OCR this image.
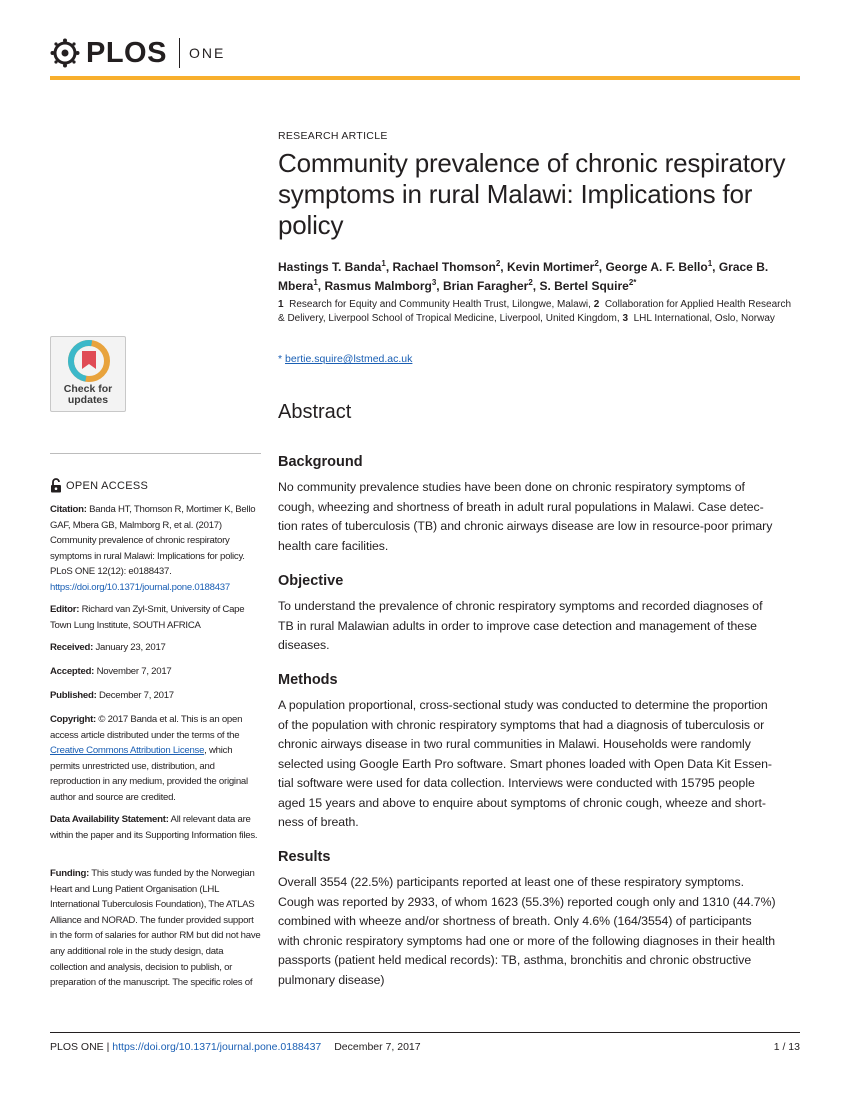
PLOS ONE
Check for updates
OPEN ACCESS
Citation: Banda HT, Thomson R, Mortimer K, Bello GAF, Mbera GB, Malmborg R, et al. (2017) Community prevalence of chronic respiratory symptoms in rural Malawi: Implications for policy. PLoS ONE 12(12): e0188437. https://doi.org/10.1371/journal.pone.0188437
Editor: Richard van Zyl-Smit, University of Cape Town Lung Institute, SOUTH AFRICA
Received: January 23, 2017
Accepted: November 7, 2017
Published: December 7, 2017
Copyright: © 2017 Banda et al. This is an open access article distributed under the terms of the Creative Commons Attribution License, which permits unrestricted use, distribution, and reproduction in any medium, provided the original author and source are credited.
Data Availability Statement: All relevant data are within the paper and its Supporting Information files.
Funding: This study was funded by the Norwegian Heart and Lung Patient Organisation (LHL International Tuberculosis Foundation), The ATLAS Alliance and NORAD. The funder provided support in the form of salaries for author RM but did not have any additional role in the study design, data collection and analysis, decision to publish, or preparation of the manuscript. The specific roles of
RESEARCH ARTICLE
Community prevalence of chronic respiratory symptoms in rural Malawi: Implications for policy
Hastings T. Banda$^1$, Rachael Thomson$^2$, Kevin Mortimer$^2$, George A. F. Bello$^1$, Grace B. Mbera$^1$, Rasmus Malmborg$^3$, Brian Faragher$^2$, S. Bertel Squire$^{2*}$
1 Research for Equity and Community Health Trust, Lilongwe, Malawi, 2 Collaboration for Applied Health Research & Delivery, Liverpool School of Tropical Medicine, Liverpool, United Kingdom, 3 LHL International, Oslo, Norway
* bertie.squire@lstmed.ac.uk
Abstract
Background
No community prevalence studies have been done on chronic respiratory symptoms of
cough, wheezing and shortness of breath in adult rural populations in Malawi. Case detec-
tion rates of tuberculosis (TB) and chronic airways disease are low in resource-poor primary
health care facilities.
Objective
To understand the prevalence of chronic respiratory symptoms and recorded diagnoses of
TB in rural Malawian adults in order to improve case detection and management of these
diseases.
Methods
A population proportional, cross-sectional study was conducted to determine the proportion
of the population with chronic respiratory symptoms that had a diagnosis of tuberculosis or
chronic airways disease in two rural communities in Malawi. Households were randomly
selected using Google Earth Pro software. Smart phones loaded with Open Data Kit Essen-
tial software were used for data collection. Interviews were conducted with 15795 people
aged 15 years and above to enquire about symptoms of chronic cough, wheeze and short-
ness of breath.
Results
Overall 3554 (22.5%) participants reported at least one of these respiratory symptoms.
Cough was reported by 2933, of whom 1623 (55.3%) reported cough only and 1310 (44.7%)
combined with wheeze and/or shortness of breath. Only 4.6% (164/3554) of participants
with chronic respiratory symptoms had one or more of the following diagnoses in their health
passports (patient held medical records): TB, asthma, bronchitis and chronic obstructive
pulmonary disease)
PLOS ONE | https://doi.org/10.1371/journal.pone.0188437 December 7, 2017	1 / 13
